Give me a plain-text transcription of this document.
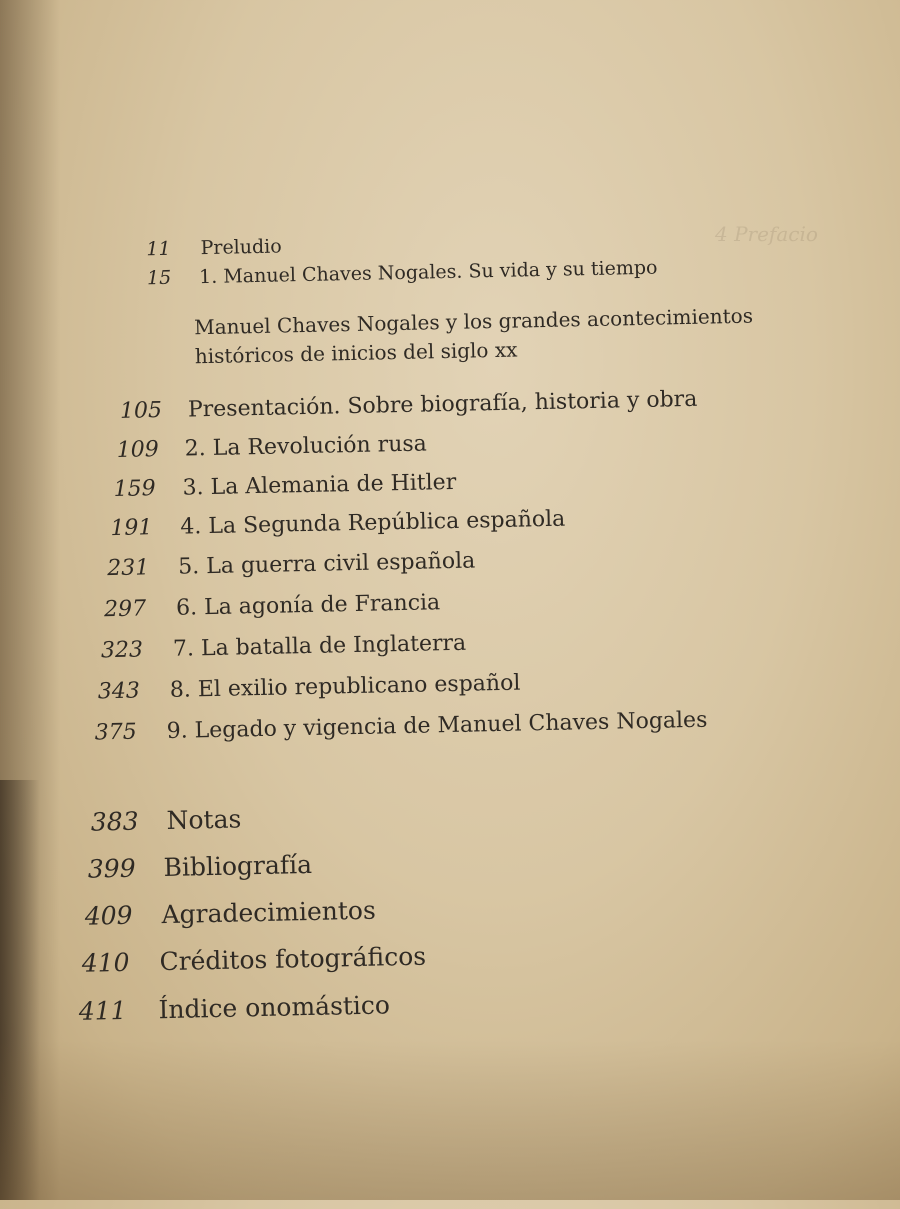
4 Prefacio
11 Preludio
15 1. Manuel Chaves Nogales. Su vida y su tiempo
Manuel Chaves Nogales y los grandes acontecimientos
históricos de inicios del siglo xx
105 Presentación. Sobre biografía, historia y obra
109 2. La Revolución rusa
159 3. La Alemania de Hitler
191 4. La Segunda República española
231 5. La guerra civil española
297 6. La agonía de Francia
323 7. La batalla de Inglaterra
343 8. El exilio republicano español
375 9. Legado y vigencia de Manuel Chaves Nogales
383 Notas
399 Bibliografía
409 Agradecimientos
410 Créditos fotográficos
411 Índice onomástico
